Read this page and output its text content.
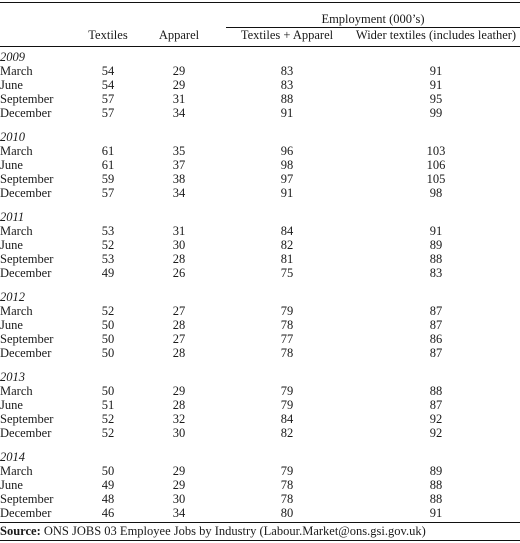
Employment (000’s)
Textiles	Apparel	Textiles + Apparel	Wider textiles (includes leather)
2009
March	54	29	83	91
June	54	29	83	91
September	57	31	88	95
December	57	34	91	99
2010
March	61	35	96	103
June	61	37	98	106
September	59	38	97	105
December	57	34	91	98
2011
March	53	31	84	91
June	52	30	82	89
September	53	28	81	88
December	49	26	75	83
2012
March	52	27	79	87
June	50	28	78	87
September	50	27	77	86
December	50	28	78	87
2013
March	50	29	79	88
June	51	28	79	87
September	52	32	84	92
December	52	30	82	92
2014
March	50	29	79	89
June	49	29	78	88
September	48	30	78	88
December	46	34	80	91
Source: ONS JOBS 03 Employee Jobs by Industry (Labour.Market@ons.gsi.gov.uk)
